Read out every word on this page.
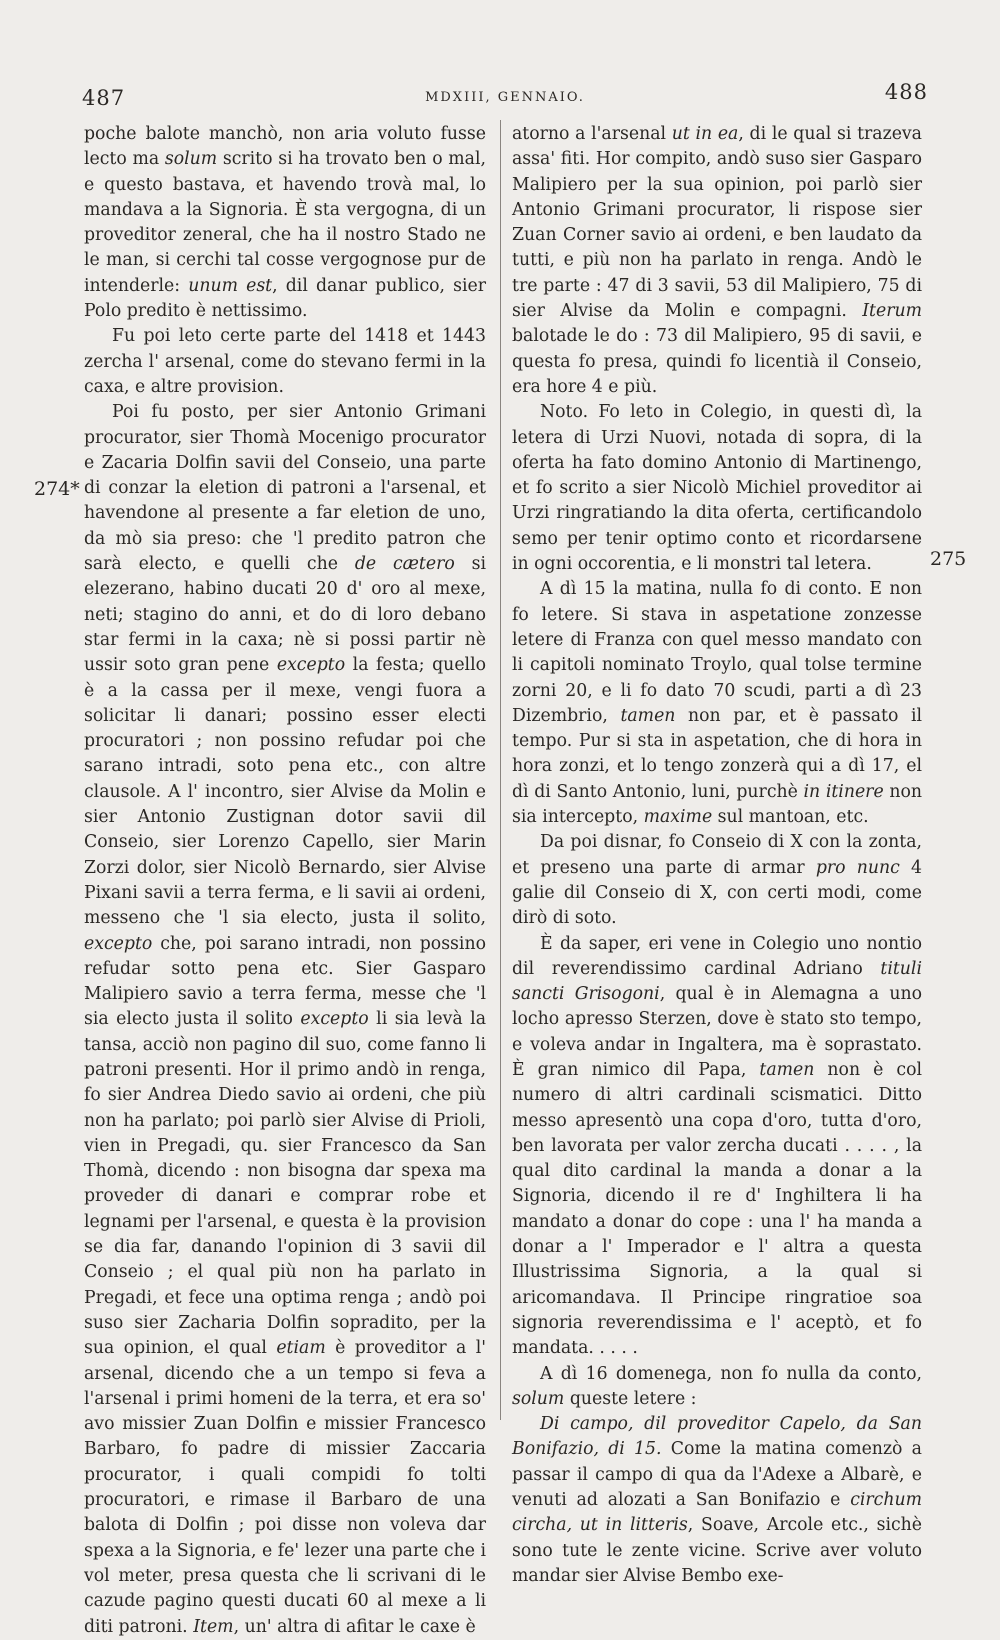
487	MDXIII, GENNAIO.	488
274*
275

poche balote manchò, non aria voluto fusse lecto ma solum scrito si ha trovato ben o mal, e questo bastava, et havendo trovà mal, lo mandava a la Signoria. È sta vergogna, di un proveditor zeneral, che ha il nostro Stado ne le man, si cerchi tal cosse vergognose pur de intenderle: unum est, dil danar publico, sier Polo predito è nettissimo.

Fu poi leto certe parte del 1418 et 1443 zercha l' arsenal, come do stevano fermi in la caxa, e altre provision.

Poi fu posto, per sier Antonio Grimani procurator, sier Thomà Mocenigo procurator e Zacaria Dolfin savii del Conseio, una parte di conzar la eletion di patroni a l'arsenal, et havendone al presente a far eletion de uno, da mò sia preso: che 'l predito patron che sarà electo, e quelli che de cætero si elezerano, habino ducati 20 d' oro al mexe, neti; stagino do anni, et do di loro debano star fermi in la caxa; nè si possi partir nè ussir soto gran pene excepto la festa; quello è a la cassa per il mexe, vengi fuora a solicitar li danari; possino esser electi procuratori ; non possino refudar poi che sarano intradi, soto pena etc., con altre clausole. A l' incontro, sier Alvise da Molin e sier Antonio Zustignan dotor savii dil Conseio, sier Lorenzo Capello, sier Marin Zorzi dolor, sier Nicolò Bernardo, sier Alvise Pixani savii a terra ferma, e li savii ai ordeni, messeno che 'l sia electo, justa il solito, excepto che, poi sarano intradi, non possino refudar sotto pena etc. Sier Gasparo Malipiero savio a terra ferma, messe che 'l sia electo justa il solito excepto li sia levà la tansa, acciò non pagino dil suo, come fanno li patroni presenti. Hor il primo andò in renga, fo sier Andrea Diedo savio ai ordeni, che più non ha parlato; poi parlò sier Alvise di Prioli, vien in Pregadi, qu. sier Francesco da San Thomà, dicendo : non bisogna dar spexa ma proveder di danari e comprar robe et legnami per l'arsenal, e questa è la provision se dia far, danando l'opinion di 3 savii dil Conseio ; el qual più non ha parlato in Pregadi, et fece una optima renga ; andò poi suso sier Zacharia Dolfin sopradito, per la sua opinion, el qual etiam è proveditor a l' arsenal, dicendo che a un tempo si feva a l'arsenal i primi homeni de la terra, et era so' avo missier Zuan Dolfin e missier Francesco Barbaro, fo padre di missier Zaccaria procurator, i quali compidi fo tolti procuratori, e rimase il Barbaro de una balota di Dolfin ; poi disse non voleva dar spexa a la Signoria, e fe' lezer una parte che i vol meter, presa questa che li scrivani di le cazude pagino questi ducati 60 al mexe a li diti patroni. Item, un' altra di afitar le caxe è

atorno a l'arsenal ut in ea, di le qual si trazeva assa' fiti. Hor compito, andò suso sier Gasparo Malipiero per la sua opinion, poi parlò sier Antonio Grimani procurator, li rispose sier Zuan Corner savio ai ordeni, e ben laudato da tutti, e più non ha parlato in renga. Andò le tre parte : 47 di 3 savii, 53 dil Malipiero, 75 di sier Alvise da Molin e compagni. Iterum balotade le do : 73 dil Malipiero, 95 di savii, e questa fo presa, quindi fo licentià il Conseio, era hore 4 e più.

Noto. Fo leto in Colegio, in questi dì, la letera di Urzi Nuovi, notada di sopra, di la oferta ha fato domino Antonio di Martinengo, et fo scrito a sier Nicolò Michiel proveditor ai Urzi ringratiando la dita oferta, certificandolo semo per tenir optimo conto et ricordarsene in ogni occorentia, e li monstri tal letera.

A dì 15 la matina, nulla fo di conto. E non fo letere. Si stava in aspetatione zonzesse letere di Franza con quel messo mandato con li capitoli nominato Troylo, qual tolse termine zorni 20, e li fo dato 70 scudi, parti a dì 23 Dizembrio, tamen non par, et è passato il tempo. Pur si sta in aspetation, che di hora in hora zonzi, et lo tengo zonzerà qui a dì 17, el dì di Santo Antonio, luni, purchè in itinere non sia intercepto, maxime sul mantoan, etc.

Da poi disnar, fo Conseio di X con la zonta, et preseno una parte di armar pro nunc 4 galie dil Conseio di X, con certi modi, come dirò di soto.

È da saper, eri vene in Colegio uno nontio dil reverendissimo cardinal Adriano tituli sancti Grisogoni, qual è in Alemagna a uno locho apresso Sterzen, dove è stato sto tempo, e voleva andar in Ingaltera, ma è soprastato. È gran nimico dil Papa, tamen non è col numero di altri cardinali scismatici. Ditto messo apresentò una copa d'oro, tutta d'oro, ben lavorata per valor zercha ducati . . . . , la qual dito cardinal la manda a donar a la Signoria, dicendo il re d' Inghiltera li ha mandato a donar do cope : una l' ha manda a donar a l' Imperador e l' altra a questa Illustrissima Signoria, a la qual si aricomandava. Il Principe ringratioe soa signoria reverendissima e l' aceptò, et fo mandata. . . . .

A dì 16 domenega, non fo nulla da conto, solum queste letere :

Di campo, dil proveditor Capelo, da San Bonifazio, di 15. Come la matina comenzò a passar il campo di qua da l'Adexe a Albarè, e venuti ad alozati a San Bonifazio e circhum circha, ut in litteris, Soave, Arcole etc., sichè sono tute le zente vicine. Scrive aver voluto mandar sier Alvise Bembo exe-
